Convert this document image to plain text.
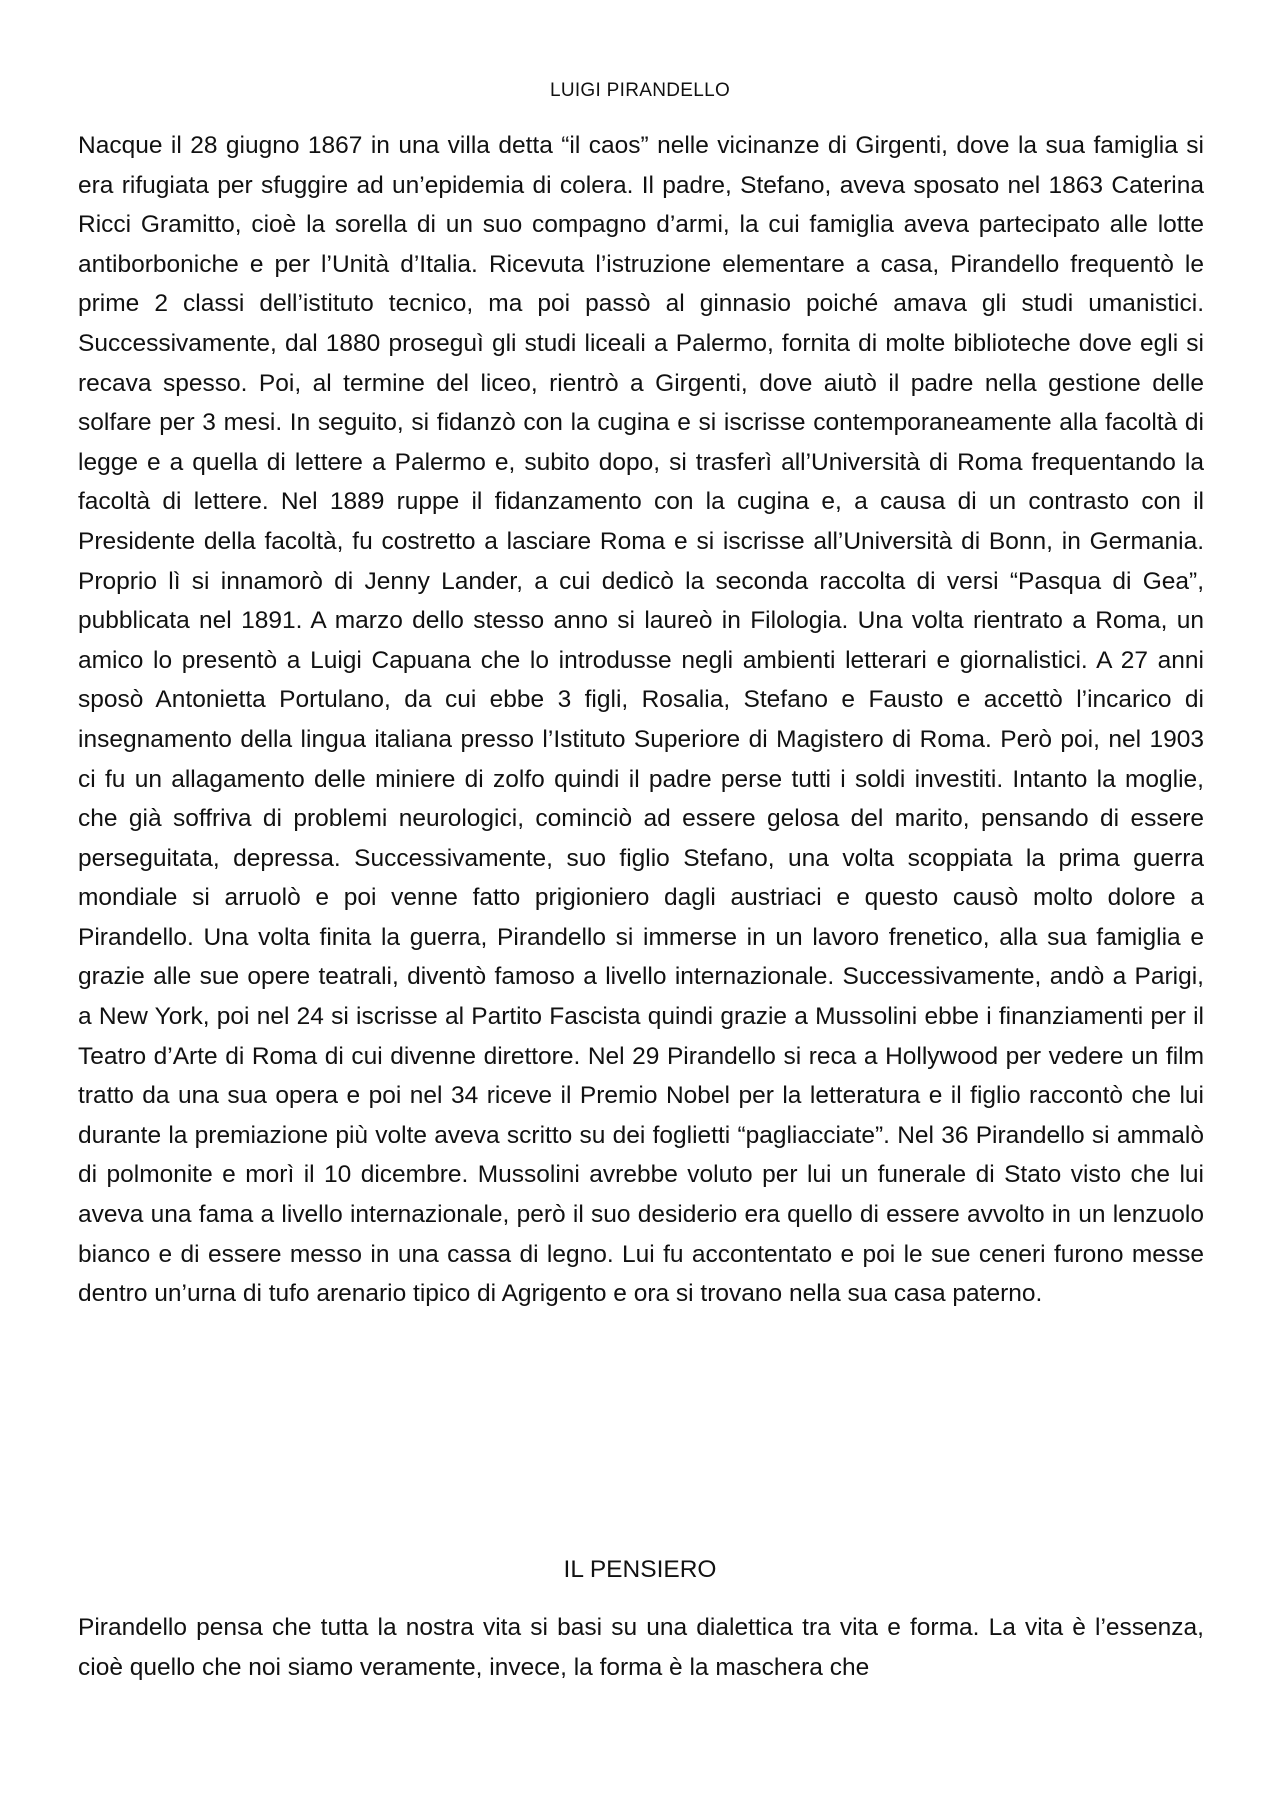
LUIGI PIRANDELLO

Nacque il 28 giugno 1867 in una villa detta “il caos” nelle vicinanze di Girgenti, dove la sua famiglia si era rifugiata per sfuggire ad un’epidemia di colera. Il padre, Stefano, aveva sposato nel 1863 Caterina Ricci Gramitto, cioè la sorella di un suo compagno d’armi, la cui famiglia aveva partecipato alle lotte antiborboniche e per l’Unità d’Italia. Ricevuta l’istruzione elementare a casa, Pirandello frequentò le prime 2 classi dell’istituto tecnico, ma poi passò al ginnasio poiché amava gli studi umanistici. Successivamente, dal 1880 proseguì gli studi liceali a Palermo, fornita di molte biblioteche dove egli si recava spesso. Poi, al termine del liceo, rientrò a Girgenti, dove aiutò il padre nella gestione delle solfare per 3 mesi. In seguito, si fidanzò con la cugina e si iscrisse contemporaneamente alla facoltà di legge e a quella di lettere a Palermo e, subito dopo, si trasferì all’Università di Roma frequentando la facoltà di lettere. Nel 1889 ruppe il fidanzamento con la cugina e, a causa di un contrasto con il Presidente della facoltà, fu costretto a lasciare Roma e si iscrisse all’Università di Bonn, in Germania. Proprio lì si innamorò di Jenny Lander, a cui dedicò la seconda raccolta di versi “Pasqua di Gea”, pubblicata nel 1891. A marzo dello stesso anno si laureò in Filologia. Una volta rientrato a Roma, un amico lo presentò a Luigi Capuana che lo introdusse negli ambienti letterari e giornalistici. A 27 anni sposò Antonietta Portulano, da cui ebbe 3 figli, Rosalia, Stefano e Fausto e accettò l’incarico di insegnamento della lingua italiana presso l’Istituto Superiore di Magistero di Roma. Però poi, nel 1903 ci fu un allagamento delle miniere di zolfo quindi il padre perse tutti i soldi investiti. Intanto la moglie, che già soffriva di problemi neurologici, cominciò ad essere gelosa del marito, pensando di essere perseguitata, depressa. Successivamente, suo figlio Stefano, una volta scoppiata la prima guerra mondiale si arruolò e poi venne fatto prigioniero dagli austriaci e questo causò molto dolore a Pirandello. Una volta finita la guerra, Pirandello si immerse in un lavoro frenetico, alla sua famiglia e grazie alle sue opere teatrali, diventò famoso a livello internazionale. Successivamente, andò a Parigi, a New York, poi nel 24 si iscrisse al Partito Fascista quindi grazie a Mussolini ebbe i finanziamenti per il Teatro d’Arte di Roma di cui divenne direttore. Nel 29 Pirandello si reca a Hollywood per vedere un film tratto da una sua opera e poi nel 34 riceve il Premio Nobel per la letteratura e il figlio raccontò che lui durante la premiazione più volte aveva scritto su dei foglietti “pagliacciate”. Nel 36 Pirandello si ammalò di polmonite e morì il 10 dicembre. Mussolini avrebbe voluto per lui un funerale di Stato visto che lui aveva una fama a livello internazionale, però il suo desiderio era quello di essere avvolto in un lenzuolo bianco e di essere messo in una cassa di legno. Lui fu accontentato e poi le sue ceneri furono messe dentro un’urna di tufo arenario tipico di Agrigento e ora si trovano nella sua casa paterno.

IL PENSIERO

Pirandello pensa che tutta la nostra vita si basi su una dialettica tra vita e forma. La vita è l’essenza, cioè quello che noi siamo veramente, invece, la forma è la maschera che
